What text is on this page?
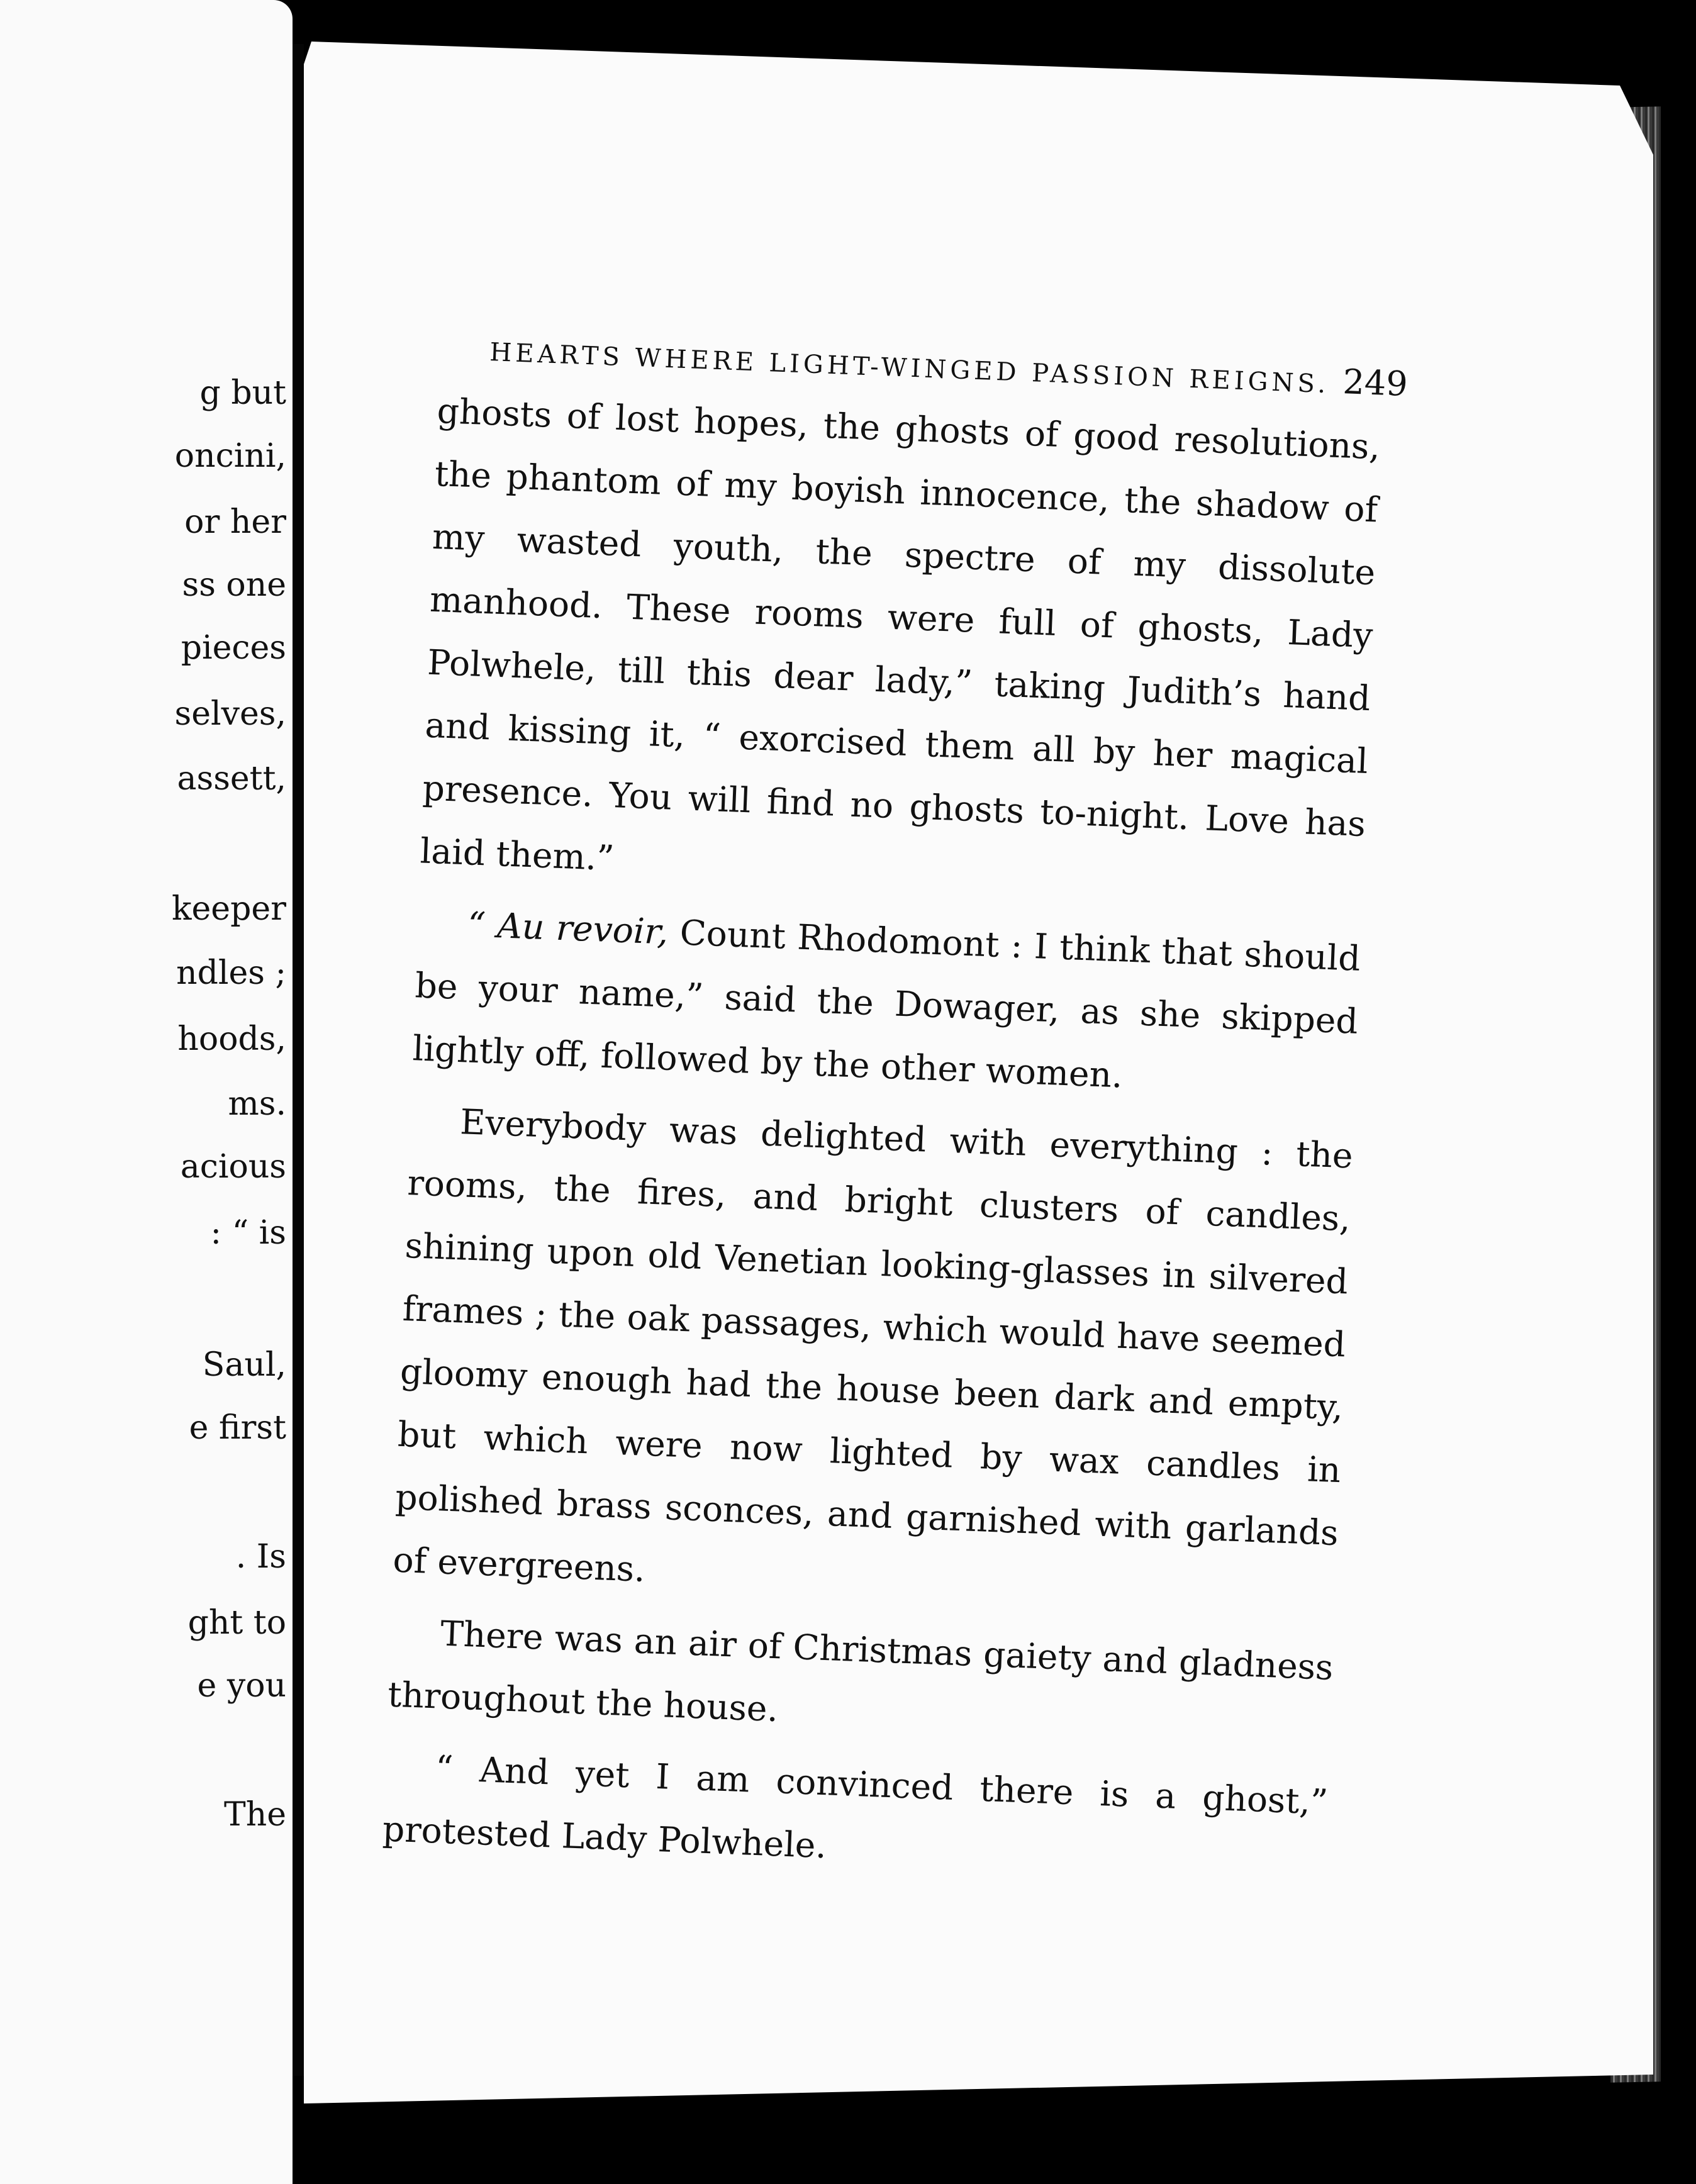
g but
oncini,
or her
ss one
pieces
selves,
assett,
keeper
ndles ;
hoods,
ms.
acious
: “ is
Saul,
e first
. Is
ght to
e you
The
HEARTS WHERE LIGHT-WINGED PASSION REIGNS. 249

ghosts of lost hopes, the ghosts of good resolutions, the phantom of my boyish innocence, the shadow of my wasted youth, the spectre of my dissolute manhood. These rooms were full of ghosts, Lady Polwhele, till this dear lady,” taking Judith’s hand and kissing it, “ exorcised them all by her magical presence. You will find no ghosts to-night. Love has laid them.”

“ Au revoir, Count Rhodomont : I think that should be your name,” said the Dowager, as she skipped lightly off, followed by the other women.

Everybody was delighted with everything : the rooms, the fires, and bright clusters of candles, shining upon old Venetian looking-glasses in silvered frames ; the oak passages, which would have seemed gloomy enough had the house been dark and empty, but which were now lighted by wax candles in polished brass sconces, and garnished with garlands of evergreens.

There was an air of Christmas gaiety and gladness throughout the house.

“ And yet I am convinced there is a ghost,” protested Lady Polwhele.
